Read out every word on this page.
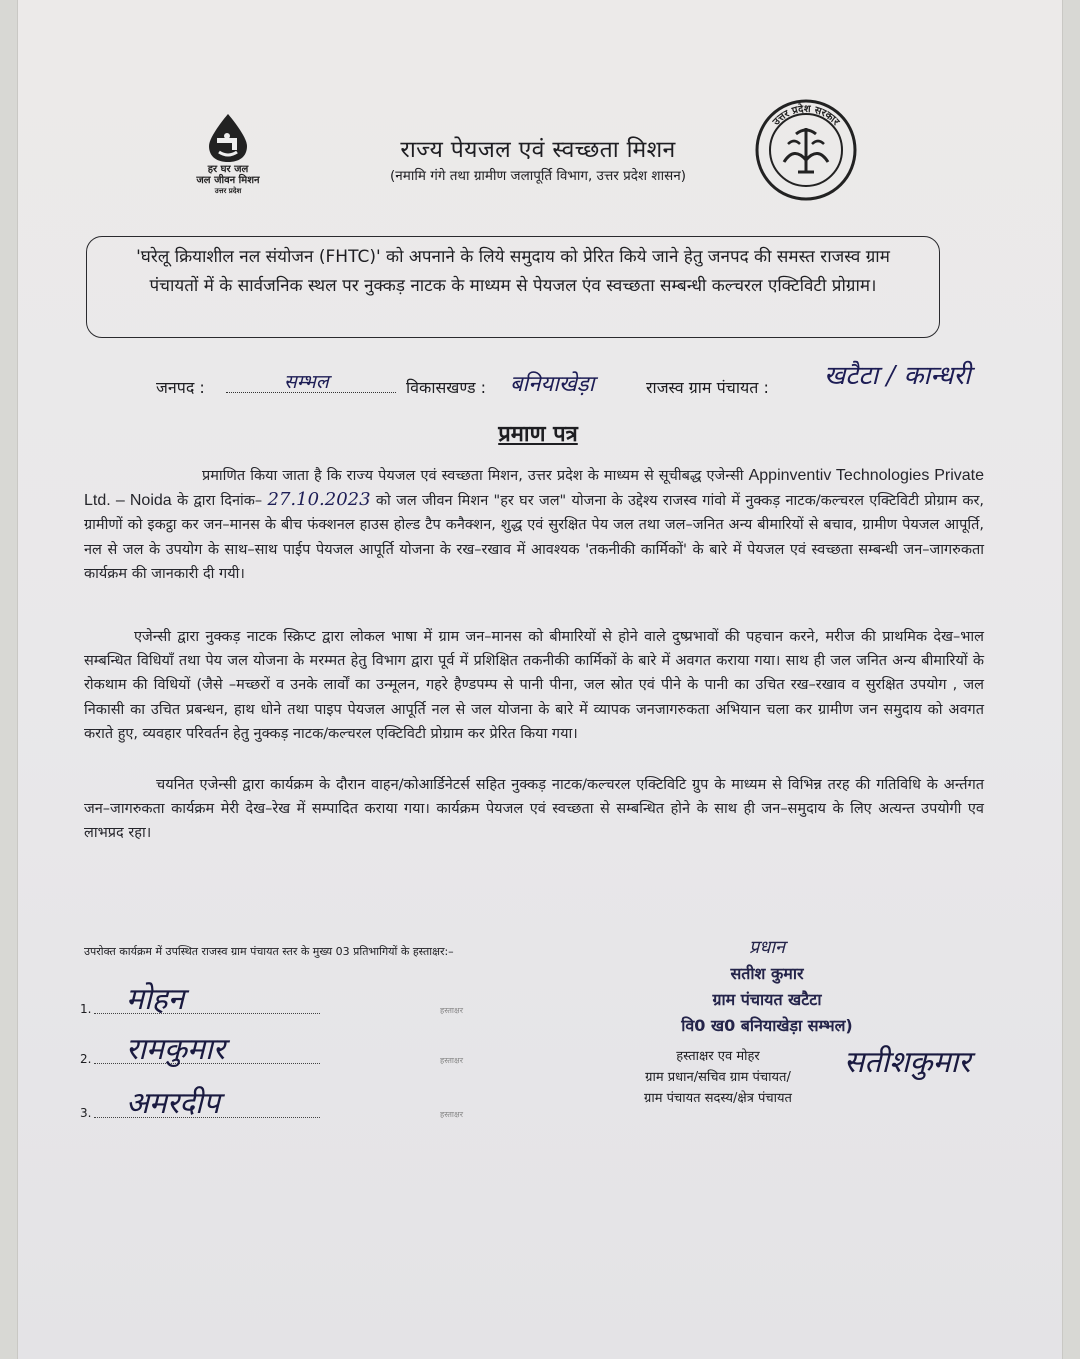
हर घर जल
जल जीवन मिशन
उत्तर प्रदेश
राज्य पेयजल एवं स्वच्छता मिशन
(नमामि गंगे तथा ग्रामीण जलापूर्ति विभाग, उत्तर प्रदेश शासन)
उत्तर प्रदेश सरकार

'घरेलू क्रियाशील नल संयोजन (FHTC)' को अपनाने के लिये समुदाय को प्रेरित किये जाने हेतु जनपद की समस्त राजस्व ग्राम पंचायतों में के सार्वजनिक स्थल पर नुक्कड़ नाटक के माध्यम से पेयजल एंव स्वच्छता सम्बन्धी कल्चरल एक्टिविटी प्रोग्राम।

जनपद :	सम्भल	विकासखण्ड : बनियाखेड़ा	राजस्व ग्राम पंचायत : खटैटा / कान्धरी
प्रमाण पत्र
प्रमाणित किया जाता है कि राज्य पेयजल एवं स्वच्छता मिशन, उत्तर प्रदेश के माध्यम से सूचीबद्ध एजेन्सी Appinventiv Technologies Private Ltd. – Noida के द्वारा दिनांक– 27.10.2023 को जल जीवन मिशन "हर घर जल" योजना के उद्देश्य राजस्व गांवो में नुक्कड़ नाटक/कल्चरल एक्टिविटी प्रोग्राम कर, ग्रामीणों को इकट्ठा कर जन–मानस के बीच फंक्शनल हाउस होल्ड टैप कनैक्शन, शुद्ध एवं सुरक्षित पेय जल तथा जल–जनित अन्य बीमारियों से बचाव, ग्रामीण पेयजल आपूर्ति, नल से जल के उपयोग के साथ–साथ पाईप पेयजल आपूर्ति योजना के रख–रखाव में आवश्यक 'तकनीकी कार्मिकों' के बारे में पेयजल एवं स्वच्छता सम्बन्धी जन–जागरुकता कार्यक्रम की जानकारी दी गयी।
एजेन्सी द्वारा नुक्कड़ नाटक स्क्रिप्ट द्वारा लोकल भाषा में ग्राम जन–मानस को बीमारियों से होने वाले दुष्प्रभावों की पहचान करने, मरीज की प्राथमिक देख–भाल सम्बन्धित विधियाँ तथा पेय जल योजना के मरम्मत हेतु विभाग द्वारा पूर्व में प्रशिक्षित तकनीकी कार्मिकों के बारे में अवगत कराया गया। साथ ही जल जनित अन्य बीमारियों के रोकथाम की विधियों (जैसे –मच्छरों व उनके लार्वों का उन्मूलन, गहरे हैण्डपम्प से पानी पीना, जल स्रोत एवं पीने के पानी का उचित रख–रखाव व सुरक्षित उपयोग , जल निकासी का उचित प्रबन्धन, हाथ धोने तथा पाइप पेयजल आपूर्ति नल से जल योजना के बारे में व्यापक जनजागरुकता अभियान चला कर ग्रामीण जन समुदाय को अवगत कराते हुए, व्यवहार परिवर्तन हेतु नुक्कड़ नाटक/कल्चरल एक्टिविटी प्रोग्राम कर प्रेरित किया गया।
चयनित एजेन्सी द्वारा कार्यक्रम के दौरान वाहन/कोआर्डिनेटर्स सहित नुक्कड़ नाटक/कल्चरल एक्टिविटि ग्रुप के माध्यम से विभिन्न तरह की गतिविधि के अर्न्तगत जन–जागरुकता कार्यक्रम मेरी देख–रेख में सम्पादित कराया गया। कार्यक्रम पेयजल एवं स्वच्छता से सम्बन्धित होने के साथ ही जन–समुदाय के लिए अत्यन्त उपयोगी एव लाभप्रद रहा।
उपरोक्त कार्यक्रम में उपस्थित राजस्व ग्राम पंचायत स्तर के मुख्य 03 प्रतिभागियों के हस्ताक्षर:–
1. मोहन	हस्ताक्षर
2. रामकुमार	हस्ताक्षर
3. अमरदीप	हस्ताक्षर
प्रधान
सतीश कुमार
ग्राम पंचायत खटैटा
वि0 ख0 बनियाखेड़ा सम्भल)
हस्ताक्षर एव मोहर
ग्राम प्रधान/सचिव ग्राम पंचायत/
ग्राम पंचायत सदस्य/क्षेत्र पंचायत
सतीशकुमार
